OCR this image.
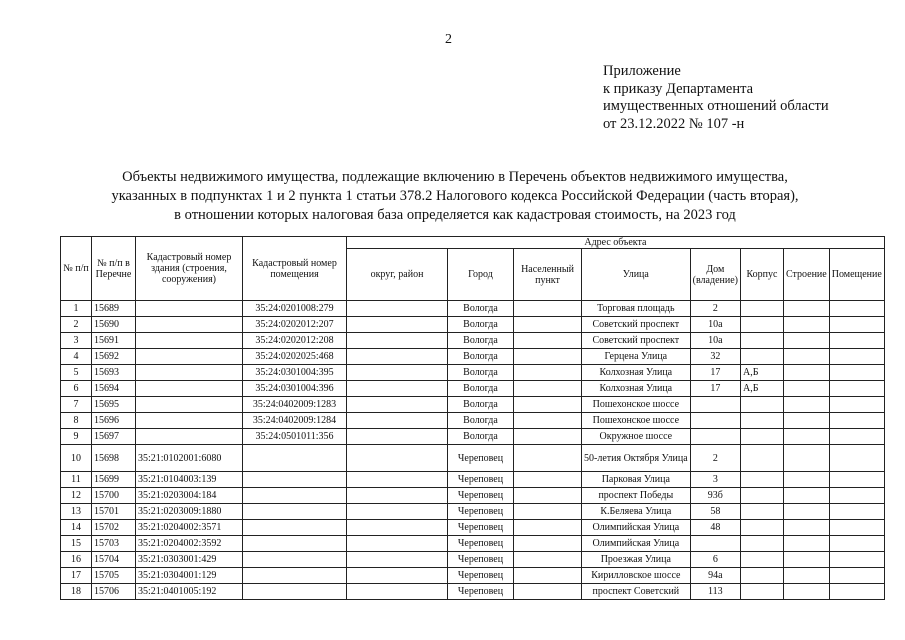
2
Приложение
к приказу Департамента
имущественных отношений области
от 23.12.2022 № 107 -н
Объекты недвижимого имущества, подлежащие включению в Перечень объектов недвижимого имущества,
указанных в подпунктах 1 и 2 пункта 1 статьи 378.2 Налогового кодекса Российской Федерации (часть вторая),
в отношении которых налоговая база определяется как кадастровая стоимость, на 2023 год
№ п/п	№ п/п в Перечне	Кадастровый номер здания (строения, сооружения)	Кадастровый номер помещения	Адрес объекта							
				округ, район	Город	Населенный пункт	Улица	Дом (владение)	Корпус	Строение	Помещение
1	15689		35:24:0201008:279		Вологда		Торговая площадь	2			
2	15690		35:24:0202012:207		Вологда		Советский проспект	10а			
3	15691		35:24:0202012:208		Вологда		Советский проспект	10а			
4	15692		35:24:0202025:468		Вологда		Герцена Улица	32			
5	15693		35:24:0301004:395		Вологда		Колхозная Улица	17	А,Б		
6	15694		35:24:0301004:396		Вологда		Колхозная Улица	17	А,Б		
7	15695		35:24:0402009:1283		Вологда		Пошехонское шоссе				
8	15696		35:24:0402009:1284		Вологда		Пошехонское шоссе				
9	15697		35:24:0501011:356		Вологда		Окружное шоссе				
10	15698	35:21:0102001:6080			Череповец		50-летия Октября Улица	2			
11	15699	35:21:0104003:139			Череповец		Парковая Улица	3			
12	15700	35:21:0203004:184			Череповец		проспект Победы	93б			
13	15701	35:21:0203009:1880			Череповец		К.Беляева Улица	58			
14	15702	35:21:0204002:3571			Череповец		Олимпийская Улица	48			
15	15703	35:21:0204002:3592			Череповец		Олимпийская Улица				
16	15704	35:21:0303001:429			Череповец		Проезжая Улица	6			
17	15705	35:21:0304001:129			Череповец		Кирилловское шоссе	94а			
18	15706	35:21:0401005:192			Череповец		проспект Советский	113			
